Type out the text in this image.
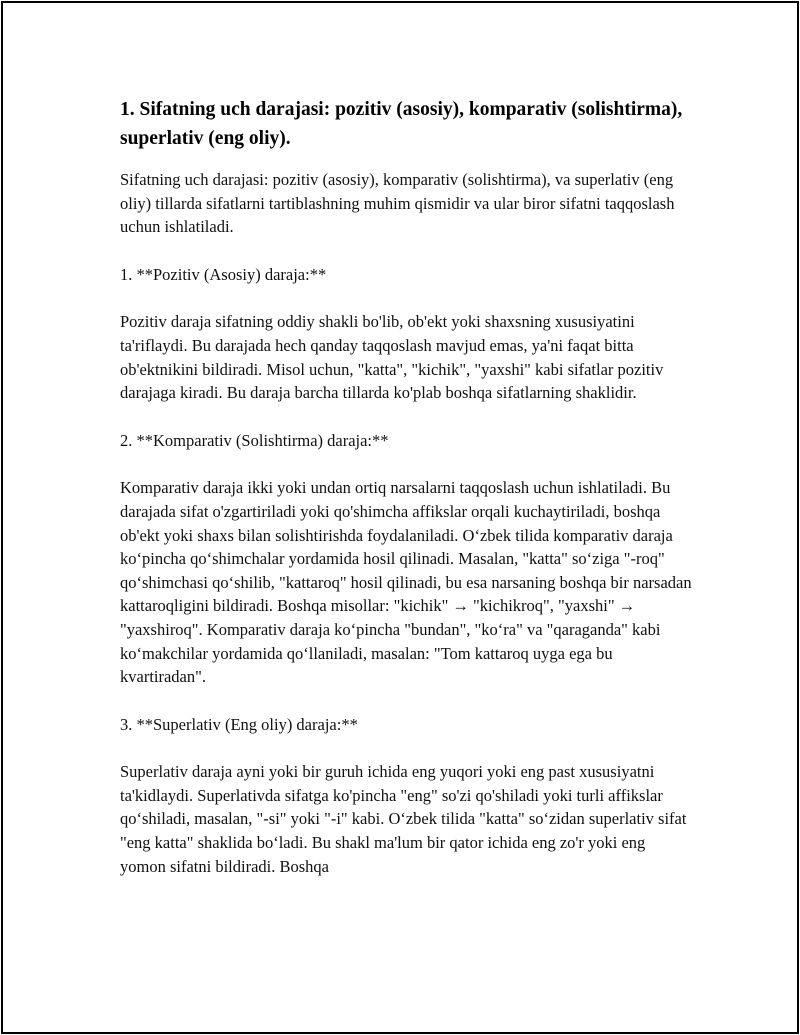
1. Sifatning uch darajasi: pozitiv (asosiy), komparativ (solishtirma), superlativ (eng oliy).

Sifatning uch darajasi: pozitiv (asosiy), komparativ (solishtirma), va superlativ (eng oliy) tillarda sifatlarni tartiblashning muhim qismidir va ular biror sifatni taqqoslash uchun ishlatiladi.

1. **Pozitiv (Asosiy) daraja:**

Pozitiv daraja sifatning oddiy shakli bo'lib, ob'ekt yoki shaxsning xususiyatini ta'riflaydi. Bu darajada hech qanday taqqoslash mavjud emas, ya'ni faqat bitta ob'ektnikini bildiradi. Misol uchun, "katta", "kichik", "yaxshi" kabi sifatlar pozitiv darajaga kiradi. Bu daraja barcha tillarda ko'plab boshqa sifatlarning shaklidir.

2. **Komparativ (Solishtirma) daraja:**

Komparativ daraja ikki yoki undan ortiq narsalarni taqqoslash uchun ishlatiladi. Bu darajada sifat o'zgartiriladi yoki qo'shimcha affikslar orqali kuchaytiriladi, boshqa ob'ekt yoki shaxs bilan solishtirishda foydalaniladi. O‘zbek tilida komparativ daraja ko‘pincha qo‘shimchalar yordamida hosil qilinadi. Masalan, "katta" so‘ziga "-roq" qo‘shimchasi qo‘shilib, "kattaroq" hosil qilinadi, bu esa narsaning boshqa bir narsadan kattaroqligini bildiradi. Boshqa misollar: "kichik" → "kichikroq", "yaxshi" → "yaxshiroq". Komparativ daraja ko‘pincha "bundan", "ko‘ra" va "qaraganda" kabi ko‘makchilar yordamida qo‘llaniladi, masalan: "Tom kattaroq uyga ega bu kvartiradan".

3. **Superlativ (Eng oliy) daraja:**

Superlativ daraja ayni yoki bir guruh ichida eng yuqori yoki eng past xususiyatni ta'kidlaydi. Superlativda sifatga ko'pincha "eng" so'zi qo'shiladi yoki turli affikslar qo‘shiladi, masalan, "-si" yoki "-i" kabi. O‘zbek tilida "katta" so‘zidan superlativ sifat "eng katta" shaklida bo‘ladi. Bu shakl ma'lum bir qator ichida eng zo'r yoki eng yomon sifatni bildiradi. Boshqa
